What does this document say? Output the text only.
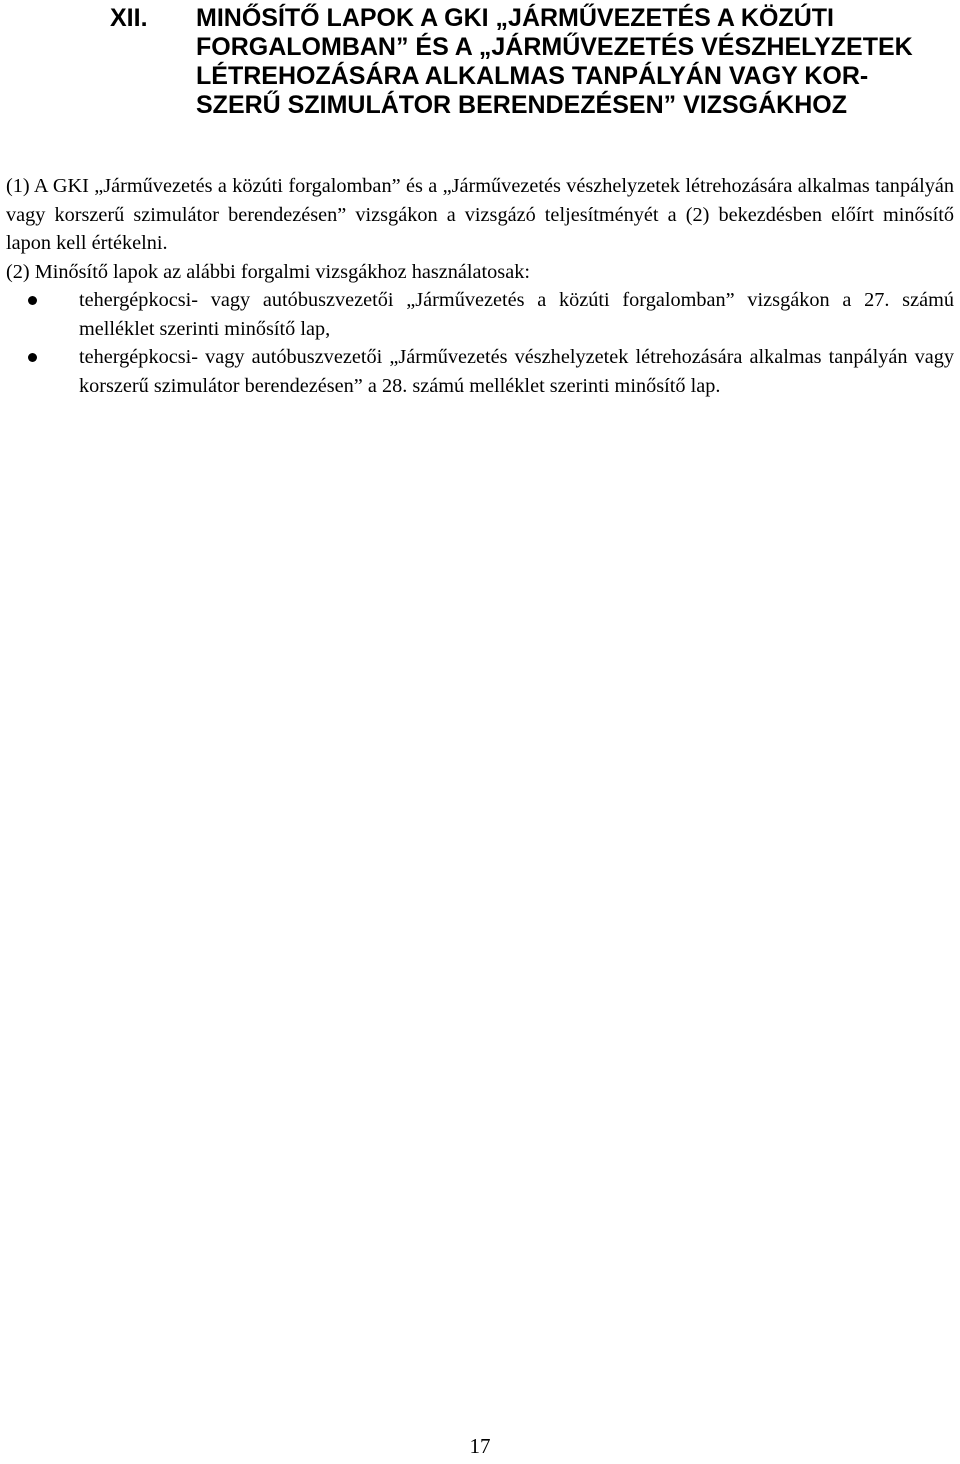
XII. MINŐSÍTŐ LAPOK A GKI „JÁRMŰVEZETÉS A KÖZÚTI
FORGALOMBAN” ÉS A „JÁRMŰVEZETÉS VÉSZHELYZETEK
LÉTREHOZÁSÁRA ALKALMAS TANPÁLYÁN VAGY KOR-
SZERŰ SZIMULÁTOR BERENDEZÉSEN” VIZSGÁKHOZ

(1) A GKI „Járművezetés a közúti forgalomban” és a „Járművezetés vészhelyzetek létrehozására alkalmas tanpályán vagy korszerű szimulátor berendezésen” vizsgákon a vizsgázó teljesítményét a (2) bekezdésben előírt minősítő lapon kell értékelni.

(2) Minősítő lapok az alábbi forgalmi vizsgákhoz használatosak:

tehergépkocsi- vagy autóbuszvezetői „Járművezetés a közúti forgalomban” vizsgákon a 27. számú melléklet szerinti minősítő lap,
tehergépkocsi- vagy autóbuszvezetői „Járművezetés vészhelyzetek létrehozására alkalmas tanpályán vagy korszerű szimulátor berendezésen” a 28. számú melléklet szerinti minősítő lap.
17
